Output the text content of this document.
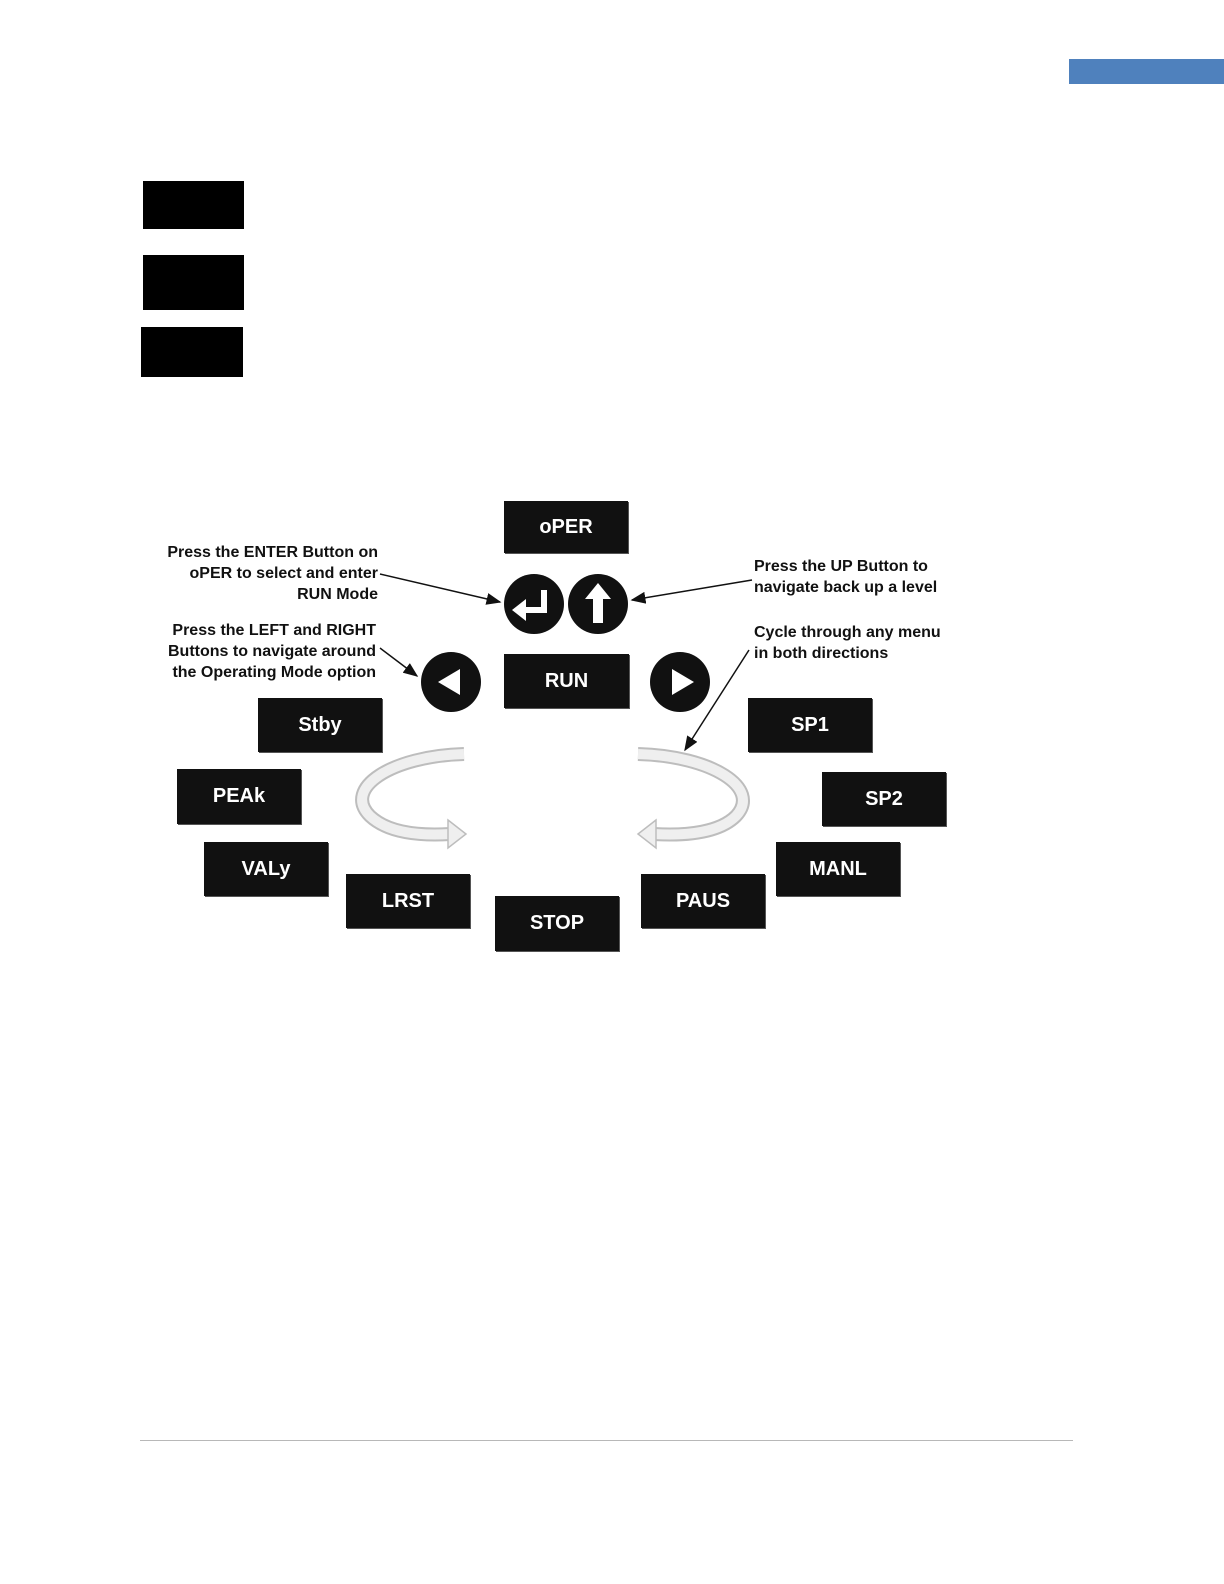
oPER
RUN
Stby
PEAk
VALy
LRST
STOP
PAUS
MANL
SP2
SP1
Press the ENTER Button on
oPER to select and enter
RUN Mode
Press the UP Button to
navigate back up a level
Press the LEFT and RIGHT
Buttons to navigate around
the Operating Mode option
Cycle through any menu
in both directions
